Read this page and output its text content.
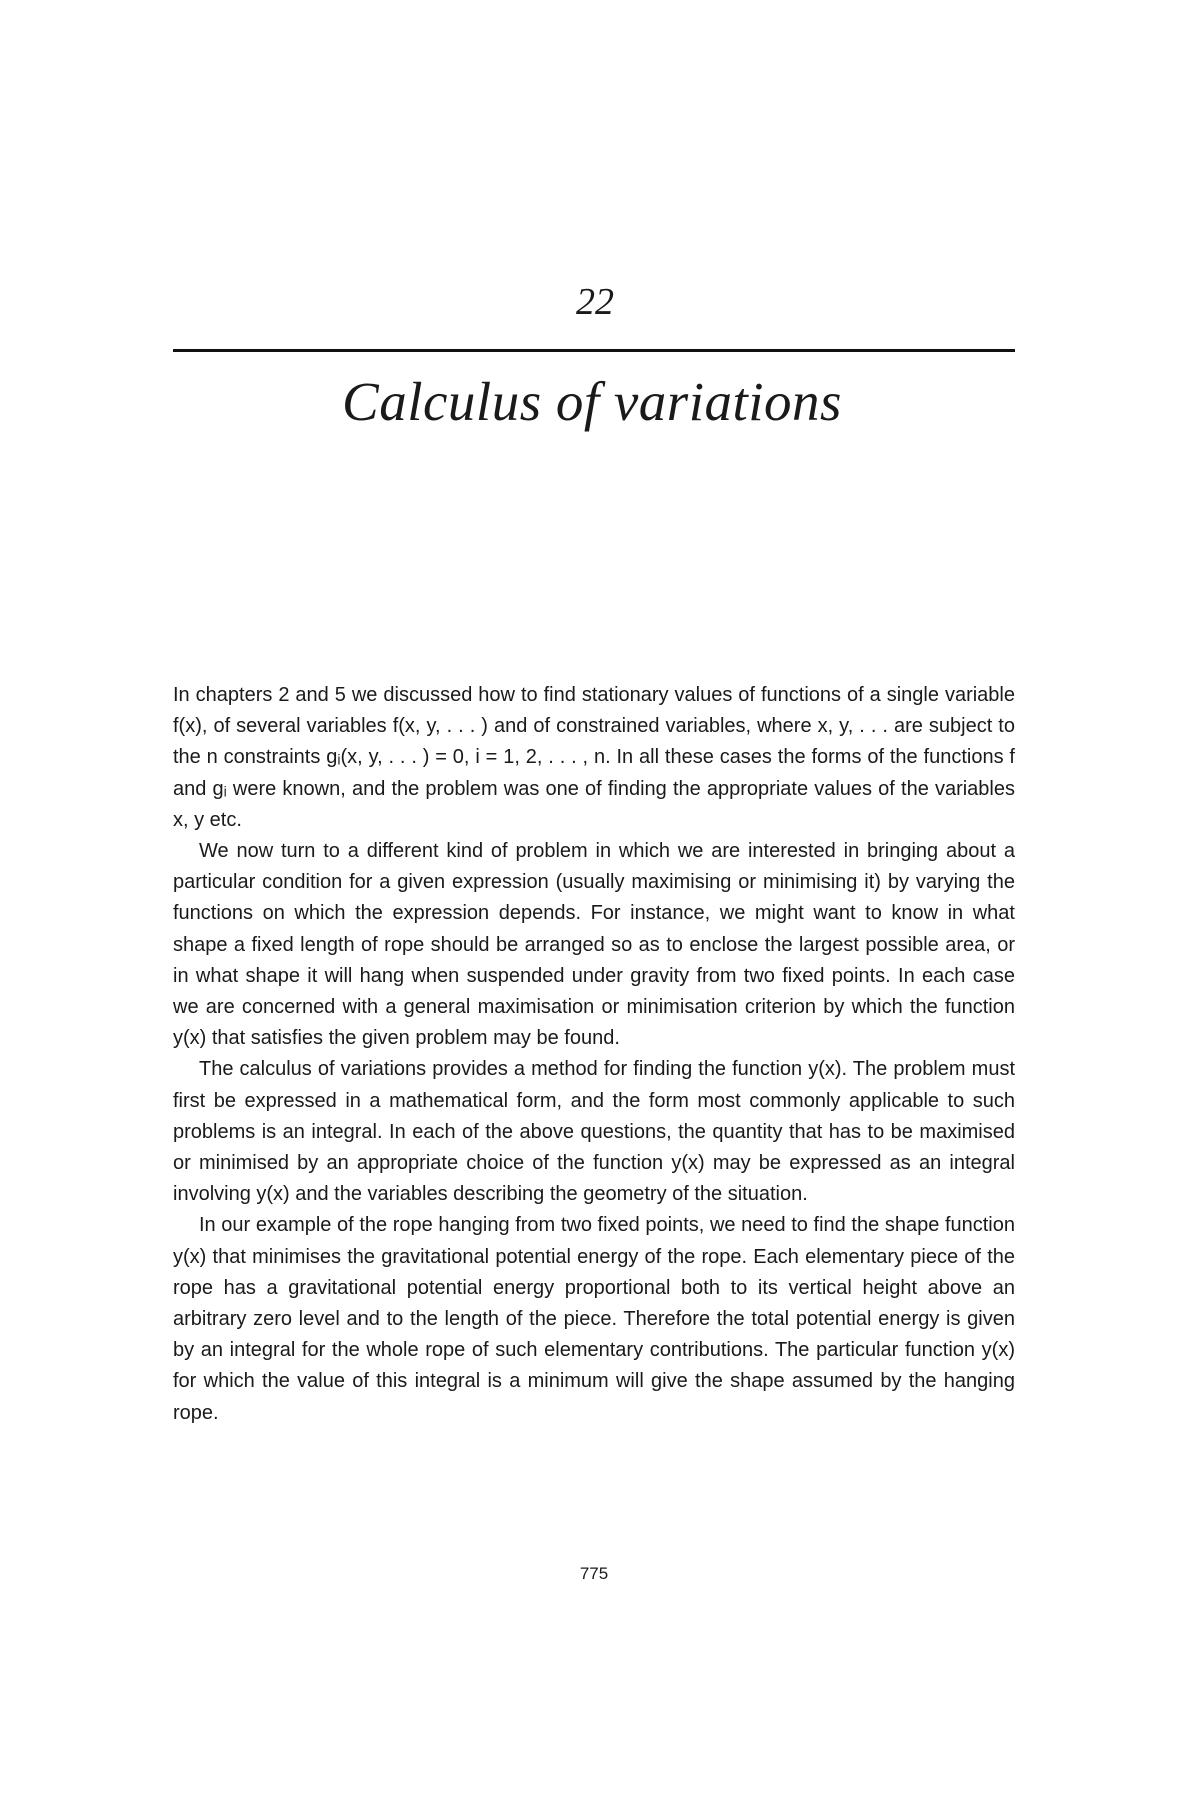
22
Calculus of variations

In chapters 2 and 5 we discussed how to find stationary values of functions of a single variable f(x), of several variables f(x, y, . . . ) and of constrained variables, where x, y, . . . are subject to the n constraints gᵢ(x, y, . . . ) = 0, i = 1, 2, . . . , n. In all these cases the forms of the functions f and gᵢ were known, and the problem was one of finding the appropriate values of the variables x, y etc.

We now turn to a different kind of problem in which we are interested in bringing about a particular condition for a given expression (usually maximising or minimising it) by varying the functions on which the expression depends. For instance, we might want to know in what shape a fixed length of rope should be arranged so as to enclose the largest possible area, or in what shape it will hang when suspended under gravity from two fixed points. In each case we are concerned with a general maximisation or minimisation criterion by which the function y(x) that satisfies the given problem may be found.

The calculus of variations provides a method for finding the function y(x). The problem must first be expressed in a mathematical form, and the form most commonly applicable to such problems is an integral. In each of the above questions, the quantity that has to be maximised or minimised by an appropriate choice of the function y(x) may be expressed as an integral involving y(x) and the variables describing the geometry of the situation.

In our example of the rope hanging from two fixed points, we need to find the shape function y(x) that minimises the gravitational potential energy of the rope. Each elementary piece of the rope has a gravitational potential energy proportional both to its vertical height above an arbitrary zero level and to the length of the piece. Therefore the total potential energy is given by an integral for the whole rope of such elementary contributions. The particular function y(x) for which the value of this integral is a minimum will give the shape assumed by the hanging rope.

775
